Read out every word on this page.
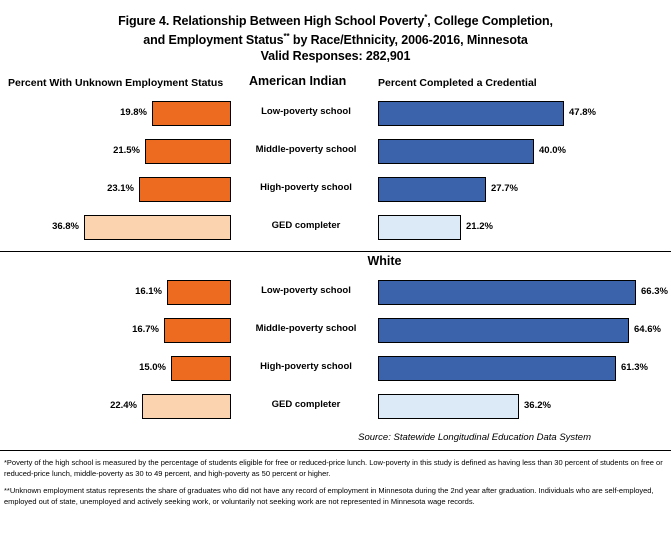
Figure 4. Relationship Between High School Poverty*, College Completion,
and Employment Status** by Race/Ethnicity, 2006-2016, Minnesota
Valid Responses: 282,901
Percent With Unknown Employment Status American Indian	Percent Completed a Credential
19.8%	Low-poverty school	47.8%
21.5%	Middle-poverty school	40.0%
23.1%	High-poverty school	27.7%
36.8%	GED completer	21.2%
White
16.1%	Low-poverty school	66.3%
16.7%	Middle-poverty school	64.6%
15.0%	High-poverty school	61.3%
22.4%	GED completer	36.2%
Source: Statewide Longitudinal Education Data System
*Poverty of the high school is measured by the percentage of students eligible for free or reduced-price lunch. Low-poverty in this study is defined as having less than 30 percent of students on free or reduced-price lunch, middle-poverty as 30 to 49 percent, and high-poverty as 50 percent or higher.
**Unknown employment status represents the share of graduates who did not have any record of employment in Minnesota during the 2nd year after graduation. Individuals who are self-employed, employed out of state, unemployed and actively seeking work, or voluntarily not seeking work are not represented in Minnesota wage records.
